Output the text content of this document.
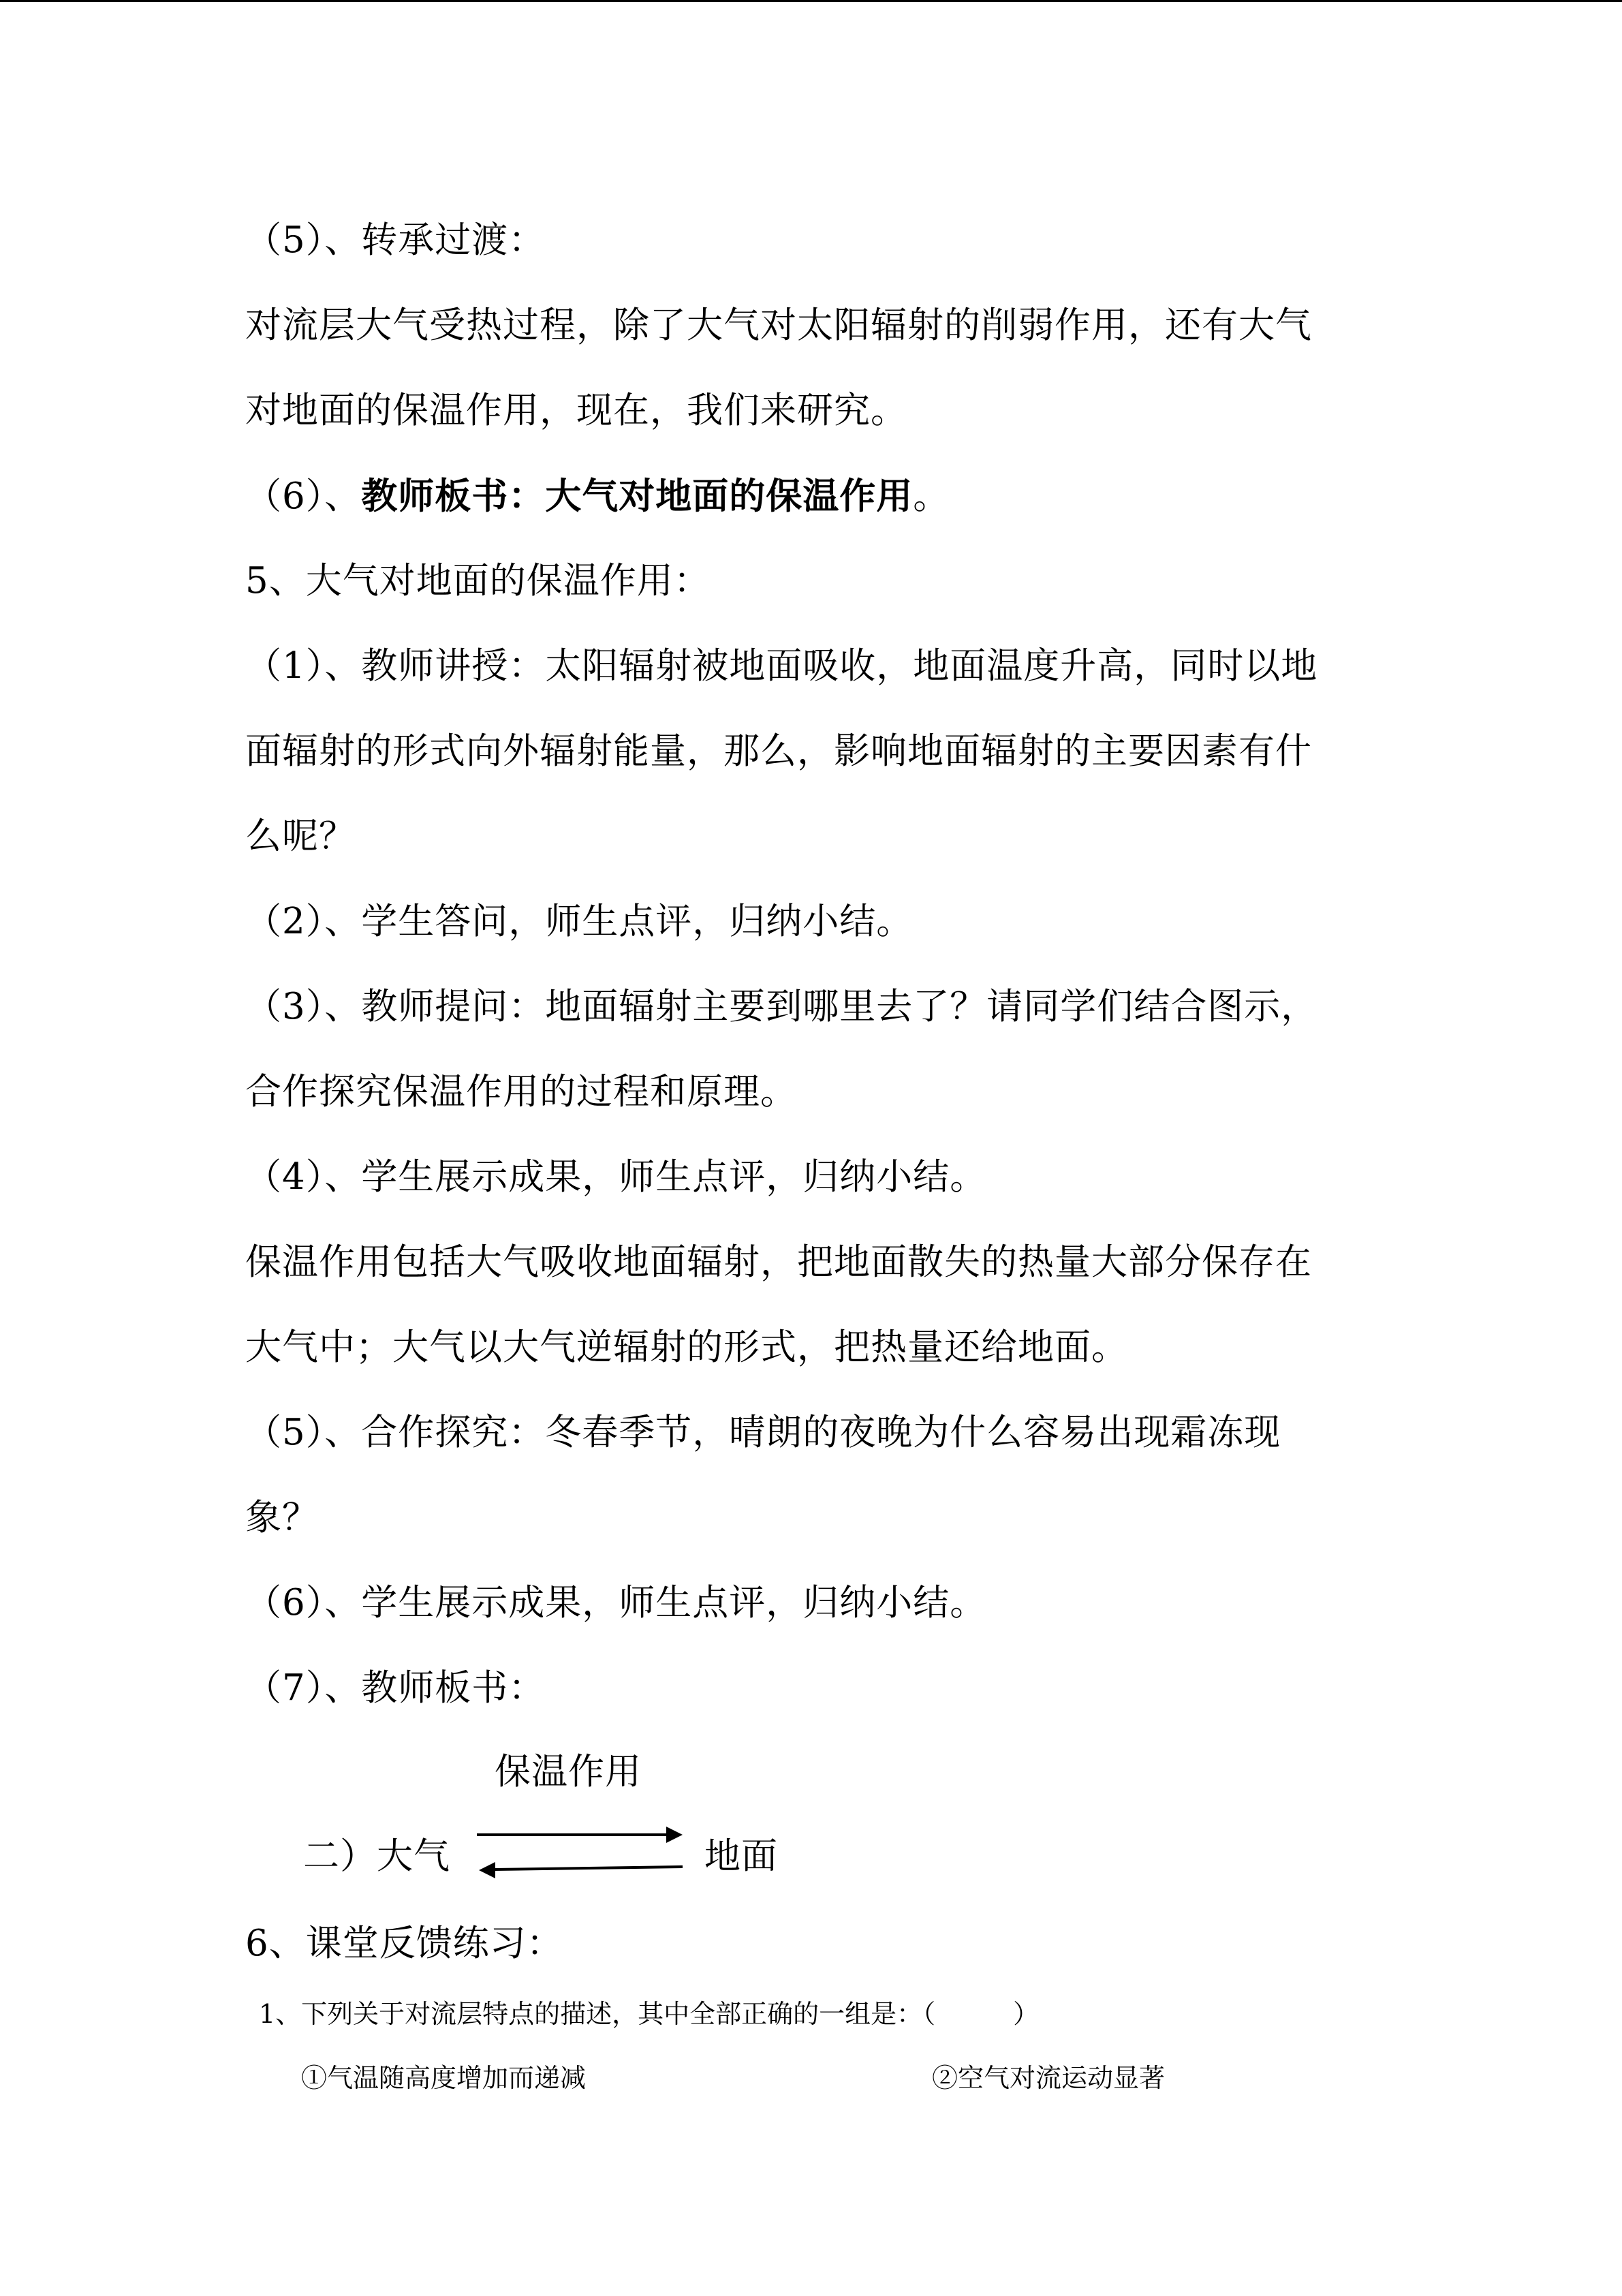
（5）、转承过渡：
对流层大气受热过程，除了大气对太阳辐射的削弱作用，还有大气
对地面的保温作用，现在，我们来研究。
（6）、教师板书：大气对地面的保温作用。
5、大气对地面的保温作用：
（1）、教师讲授：太阳辐射被地面吸收，地面温度升高，同时以地
面辐射的形式向外辐射能量，那么，影响地面辐射的主要因素有什
么呢？
（2）、学生答问，师生点评，归纳小结。
（3）、教师提问：地面辐射主要到哪里去了？请同学们结合图示，
合作探究保温作用的过程和原理。
（4）、学生展示成果，师生点评，归纳小结。
保温作用包括大气吸收地面辐射，把地面散失的热量大部分保存在
大气中；大气以大气逆辐射的形式，把热量还给地面。
（5）、合作探究：冬春季节，晴朗的夜晚为什么容易出现霜冻现
象？
（6）、学生展示成果，师生点评，归纳小结。
（7）、教师板书：
保温作用
二）大气	地面
6、课堂反馈练习：
1、下列关于对流层特点的描述，其中全部正确的一组是：（　　　）
①气温随高度增加而递减	②空气对流运动显著
